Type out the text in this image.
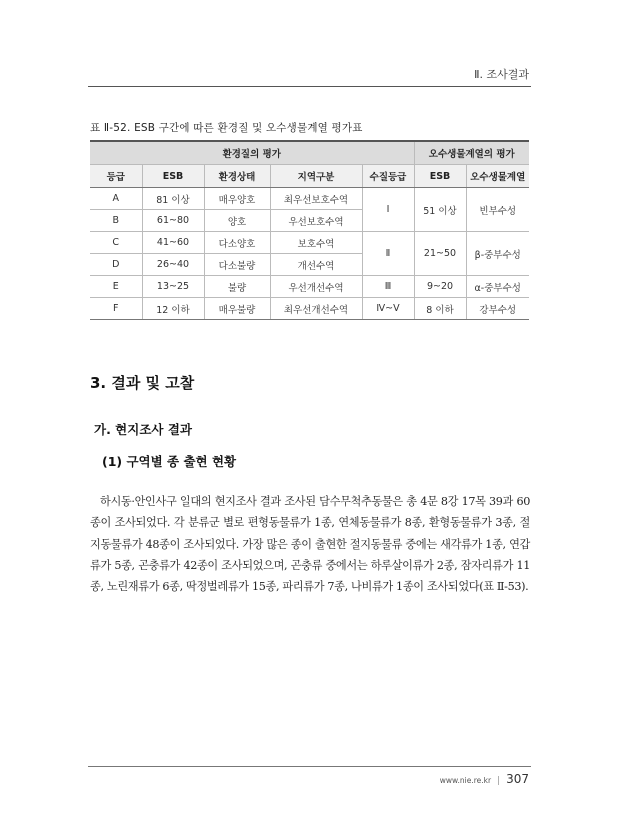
Ⅱ. 조사결과
표 Ⅱ-52. ESB 구간에 따른 환경질 및 오수생물계열 평가표
환경질의 평가					오수생물계열의 평가	
등급	ESB	환경상태	지역구분	수질등급	ESB	오수생물계열
A	81 이상	매우양호	최우선보호수역	Ⅰ	51 이상	빈부수성
B	61~80	양호	우선보호수역			
C	41~60	다소양호	보호수역	Ⅱ	21~50	β-중부수성
D	26~40	다소불량	개선수역			
E	13~25	불량	우선개선수역	Ⅲ	9~20	α-중부수성
F	12 이하	매우불량	최우선개선수역	Ⅳ~Ⅴ	8 이하	강부수성
3. 결과 및 고찰
가. 현지조사 결과
(1) 구역별 종 출현 현황

하시동·안인사구 일대의 현지조사 결과 조사된 담수무척추동물은 총 4문 8강 17목 39과 60종이 조사되었다. 각 분류군 별로 편형동물류가 1종, 연체동물류가 8종, 환형동물류가 3종, 절지동물류가 48종이 조사되었다. 가장 많은 종이 출현한 절지동물류 중에는 새각류가 1종, 연갑류가 5종, 곤충류가 42종이 조사되었으며, 곤충류 중에서는 하루살이류가 2종, 잠자리류가 11종, 노린재류가 6종, 딱정벌레류가 15종, 파리류가 7종, 나비류가 1종이 조사되었다(표 Ⅱ-53).

www.nie.re.kr | 307
